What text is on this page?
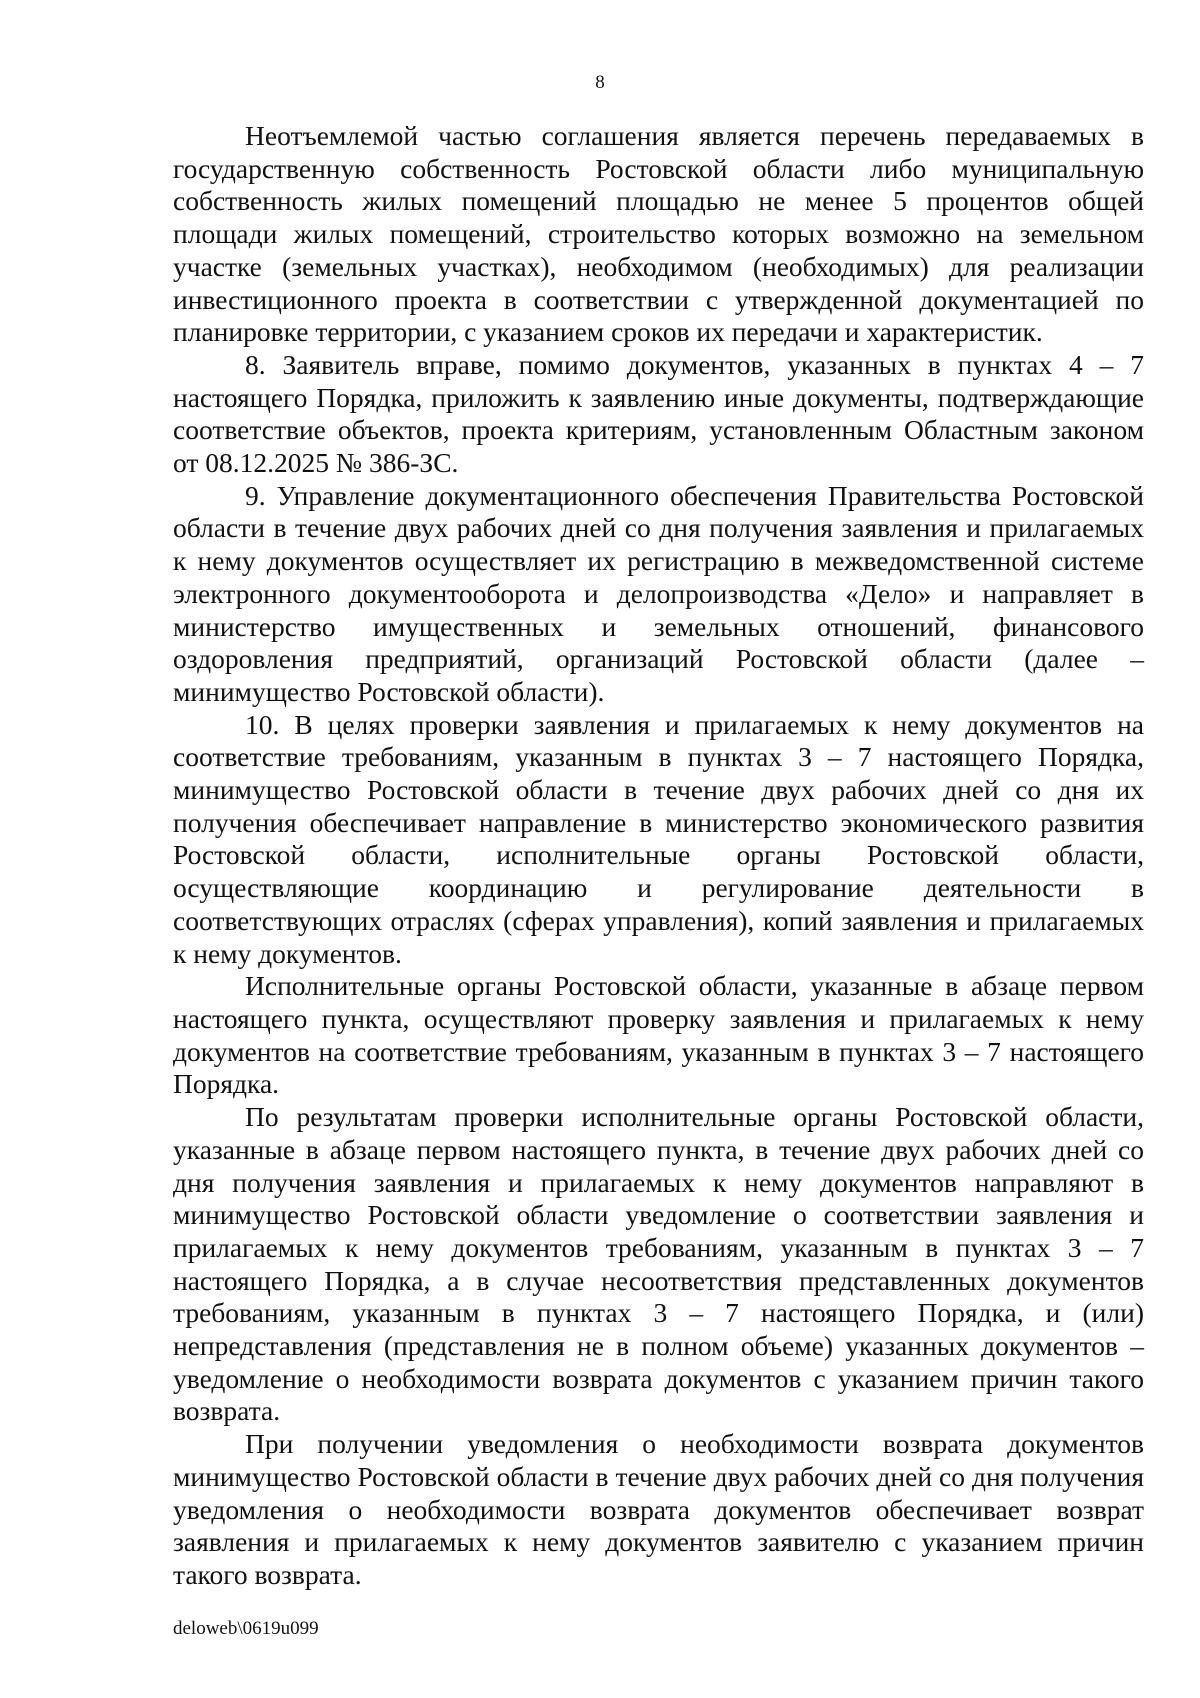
8

Неотъемлемой частью соглашения является перечень передаваемых в государственную собственность Ростовской области либо муниципальную собственность жилых помещений площадью не менее 5 процентов общей площади жилых помещений, строительство которых возможно на земельном участке (земельных участках), необходимом (необходимых) для реализации инвестиционного проекта в соответствии с утвержденной документацией по планировке территории, с указанием сроков их передачи и характеристик.

8. Заявитель вправе, помимо документов, указанных в пунктах 4 – 7 настоящего Порядка, приложить к заявлению иные документы, подтверждающие соответствие объектов, проекта критериям, установленным Областным законом от 08.12.2025 № 386-ЗС.

9. Управление документационного обеспечения Правительства Ростовской области в течение двух рабочих дней со дня получения заявления и прилагаемых к нему документов осуществляет их регистрацию в межведомственной системе электронного документооборота и делопроизводства «Дело» и направляет в министерство имущественных и земельных отношений, финансового оздоровления предприятий, организаций Ростовской области (далее – минимущество Ростовской области).

10. В целях проверки заявления и прилагаемых к нему документов на соответствие требованиям, указанным в пунктах 3 – 7 настоящего Порядка, минимущество Ростовской области в течение двух рабочих дней со дня их получения обеспечивает направление в министерство экономического развития Ростовской области, исполнительные органы Ростовской области, осуществляющие координацию и регулирование деятельности в соответствующих отраслях (сферах управления), копий заявления и прилагаемых к нему документов.

Исполнительные органы Ростовской области, указанные в абзаце первом настоящего пункта, осуществляют проверку заявления и прилагаемых к нему документов на соответствие требованиям, указанным в пунктах 3 – 7 настоящего Порядка.

По результатам проверки исполнительные органы Ростовской области, указанные в абзаце первом настоящего пункта, в течение двух рабочих дней со дня получения заявления и прилагаемых к нему документов направляют в минимущество Ростовской области уведомление о соответствии заявления и прилагаемых к нему документов требованиям, указанным в пунктах 3 – 7 настоящего Порядка, а в случае несоответствия представленных документов требованиям, указанным в пунктах 3 – 7 настоящего Порядка, и (или) непредставления (представления не в полном объеме) указанных документов – уведомление о необходимости возврата документов с указанием причин такого возврата.

При получении уведомления о необходимости возврата документов минимущество Ростовской области в течение двух рабочих дней со дня получения уведомления о необходимости возврата документов обеспечивает возврат заявления и прилагаемых к нему документов заявителю с указанием причин такого возврата.

deloweb\0619u099
